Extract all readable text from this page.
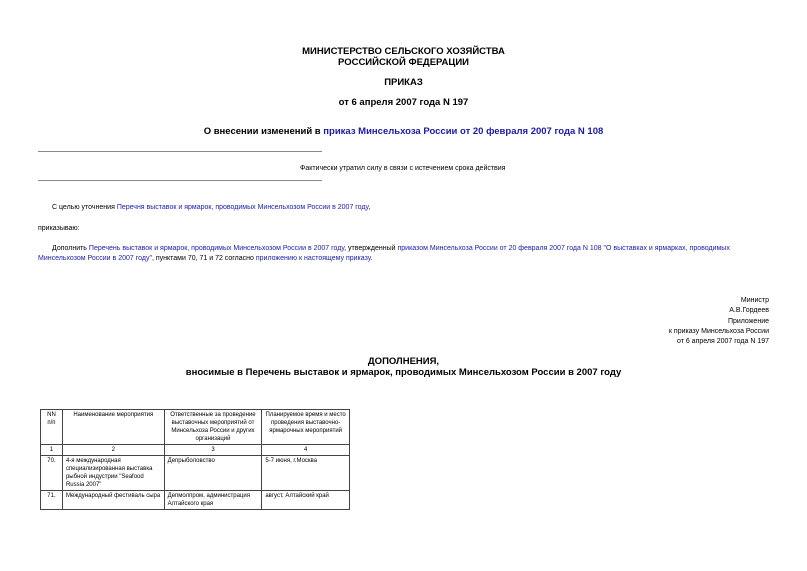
МИНИСТЕРСТВО СЕЛЬСКОГО ХОЗЯЙСТВА
РОССИЙСКОЙ ФЕДЕРАЦИИ
ПРИКАЗ
от 6 апреля 2007 года N 197
О внесении изменений в приказ Минсельхоза России от 20 февраля 2007 года N 108
Фактически утратил силу в связи с истечением срока действия
С целью уточнения Перечня выставок и ярмарок, проводимых Минсельхозом России в 2007 году,
приказываю:
Дополнить Перечень выставок и ярмарок, проводимых Минсельхозом России в 2007 году, утвержденный приказом Минсельхоза России от 20 февраля 2007 года N 108 "О выставках и ярмарках, проводимых Минсельхозом России в 2007 году", пунктами 70, 71 и 72 согласно приложению к настоящему приказу.
Министр
А.В.Гордеев
Приложение
к приказу Минсельхоза России
от 6 апреля 2007 года N 197
ДОПОЛНЕНИЯ,
вносимые в Перечень выставок и ярмарок, проводимых Минсельхозом России в 2007 году
NN п/п	Наименование мероприятия	Ответственные за проведение выставочных мероприятий от Минсельхоза России и других организаций	Планируемое время и место проведения выставочно-ярмарочных мероприятий
1	2	3	4
70.	4-я международная специализированная выставка рыбной индустрии "Seafood Russia 2007"	Депрыболовство	5-7 июня, г.Москва
71.	Международный фестиваль сыра	Депмолпром, администрация Алтайского края	август, Алтайский край
